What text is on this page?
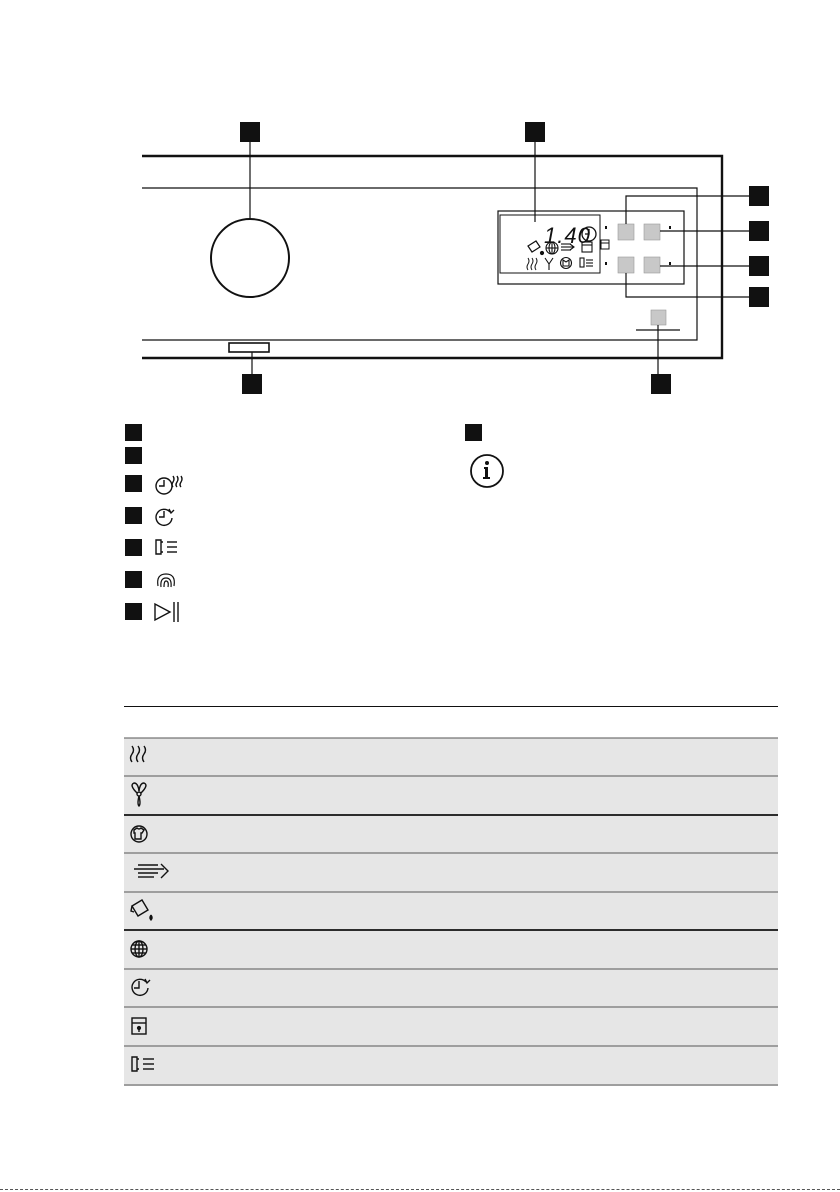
1.40
